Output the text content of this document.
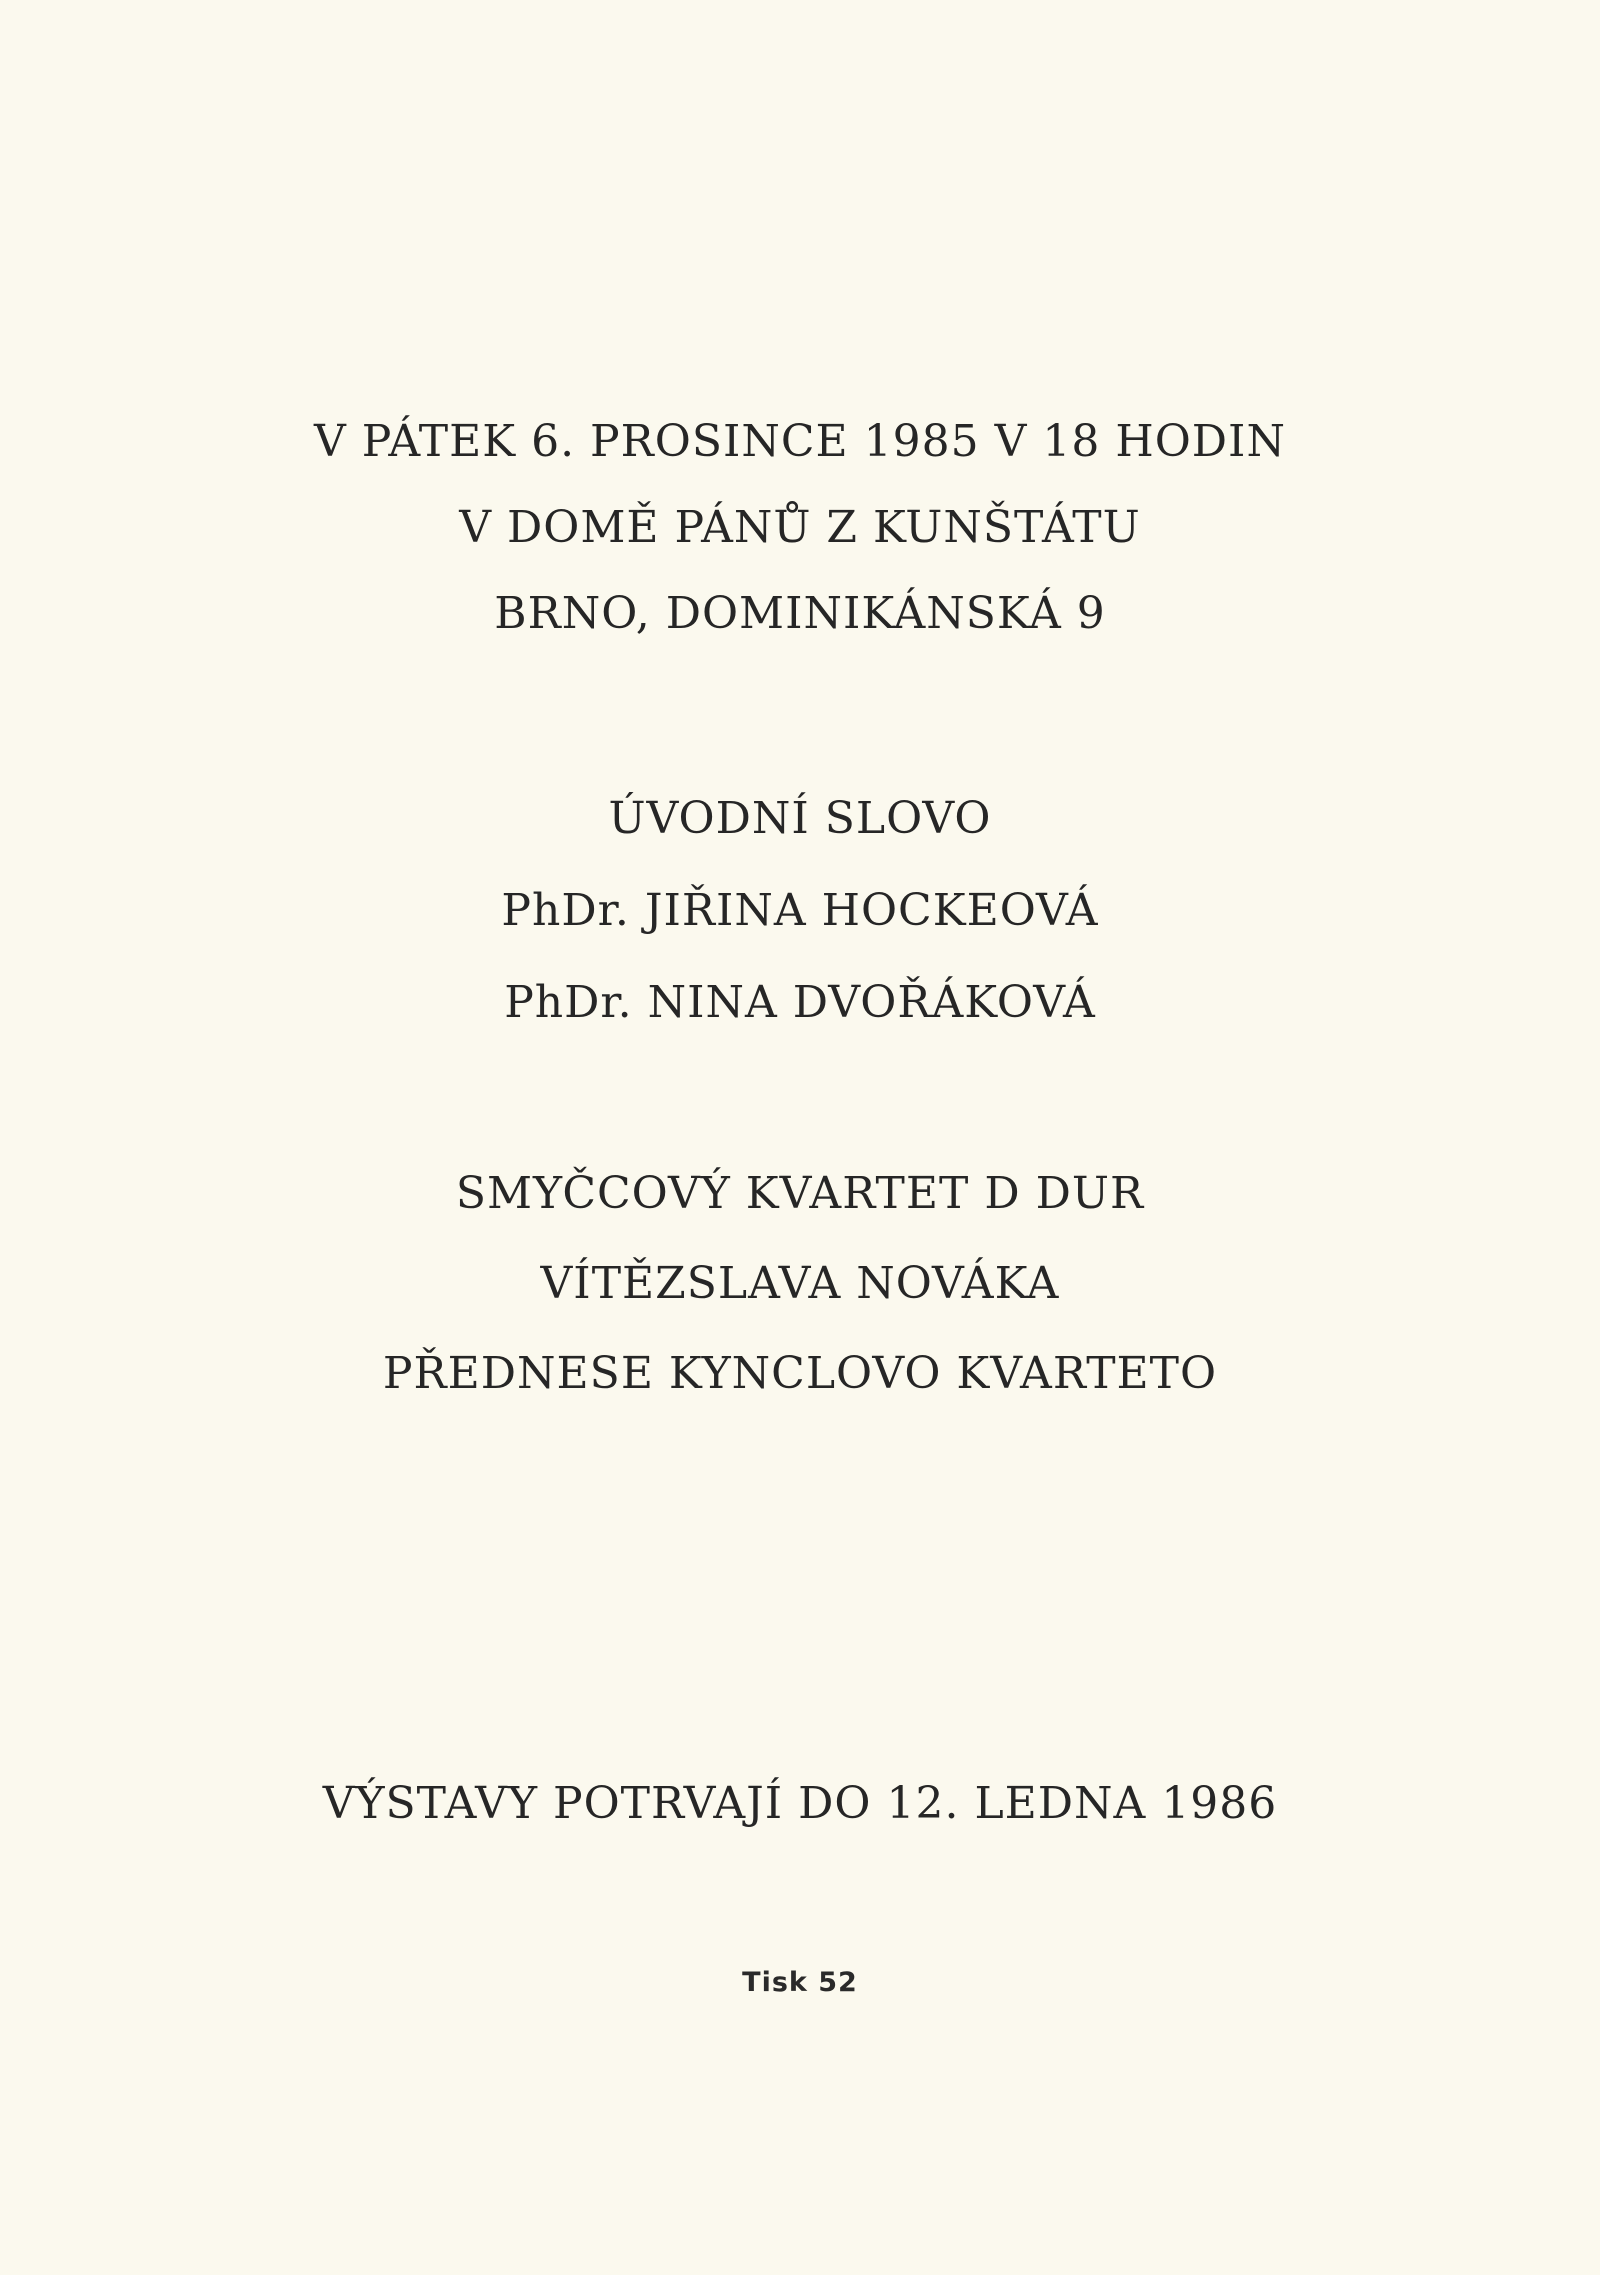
V PÁTEK 6. PROSINCE 1985 V 18 HODIN
V DOMĚ PÁNŮ Z KUNŠTÁTU
BRNO, DOMINIKÁNSKÁ 9
ÚVODNÍ SLOVO
PhDr. JIŘINA HOCKEOVÁ
PhDr. NINA DVOŘÁKOVÁ
SMYČCOVÝ KVARTET D DUR
VÍTĚZSLAVA NOVÁKA
PŘEDNESE KYNCLOVO KVARTETO
VÝSTAVY POTRVAJÍ DO 12. LEDNA 1986
Tisk 52
